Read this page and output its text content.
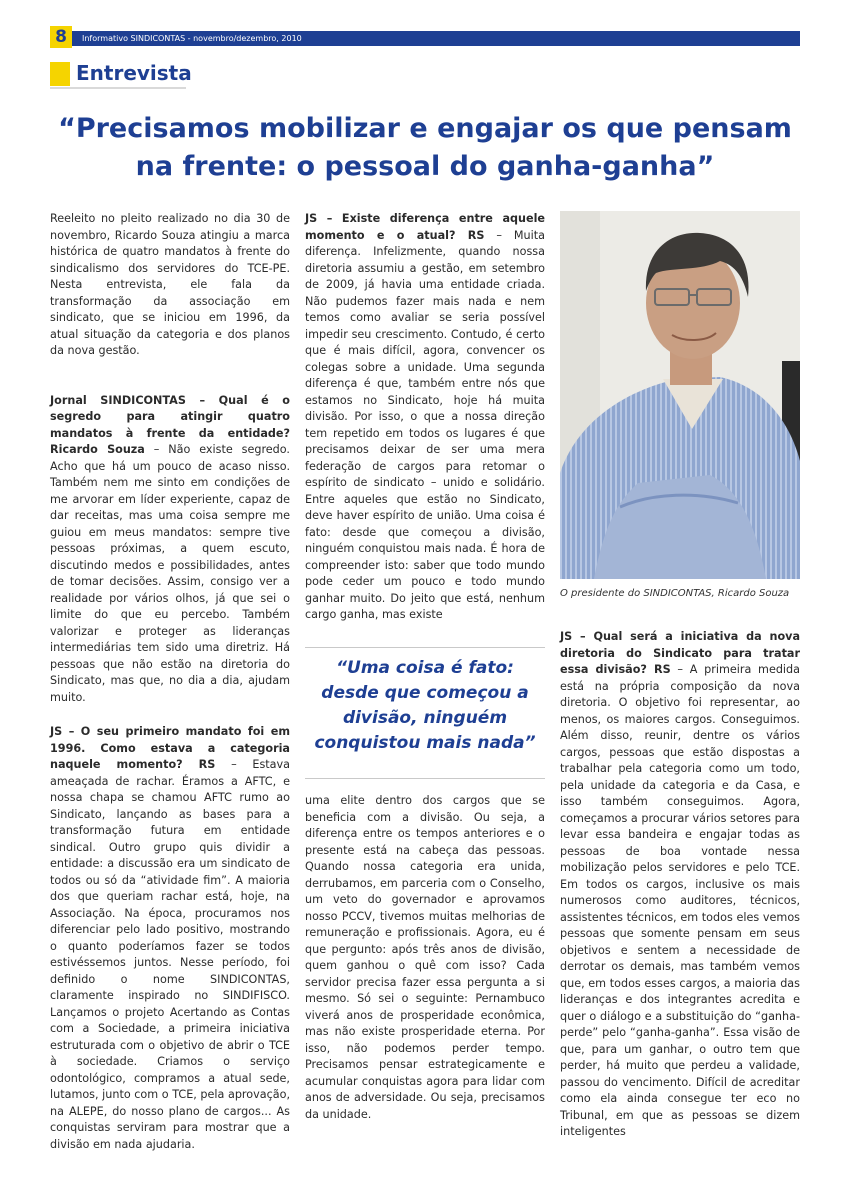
8	Informativo SINDICONTAS - novembro/dezembro, 2010
Entrevista
“Precisamos mobilizar e engajar os que pensam na frente: o pessoal do ganha-ganha”

Reeleito no pleito realizado no dia 30 de novembro, Ricardo Souza atingiu a marca histórica de quatro mandatos à frente do sindicalismo dos servidores do TCE-PE. Nesta entrevista, ele fala da transformação da associação em sindicato, que se iniciou em 1996, da atual situação da categoria e dos planos da nova gestão.

Jornal SINDICONTAS – Qual é o segredo para atingir quatro mandatos à frente da entidade? Ricardo Souza – Não existe segredo. Acho que há um pouco de acaso nisso. Também nem me sinto em condições de me arvorar em líder experiente, capaz de dar receitas, mas uma coisa sempre me guiou em meus mandatos: sempre tive pessoas próximas, a quem escuto, discutindo medos e possibilidades, antes de tomar decisões. Assim, consigo ver a realidade por vários olhos, já que sei o limite do que eu percebo. Também valorizar e proteger as lideranças intermediárias tem sido uma diretriz. Há pessoas que não estão na diretoria do Sindicato, mas que, no dia a dia, ajudam muito.

JS – O seu primeiro mandato foi em 1996. Como estava a categoria naquele momento? RS – Estava ameaçada de rachar. Éramos a AFTC, e nossa chapa se chamou AFTC rumo ao Sindicato, lançando as bases para a transformação futura em entidade sindical. Outro grupo quis dividir a entidade: a discussão era um sindicato de todos ou só da “atividade fim”. A maioria dos que queriam rachar está, hoje, na Associação. Na época, procuramos nos diferenciar pelo lado positivo, mostrando o quanto poderíamos fazer se todos estivéssemos juntos. Nesse período, foi definido o nome SINDICONTAS, claramente inspirado no SINDIFISCO. Lançamos o projeto Acertando as Contas com a Sociedade, a primeira iniciativa estruturada com o objetivo de abrir o TCE à sociedade. Criamos o serviço odontológico, compramos a atual sede, lutamos, junto com o TCE, pela aprovação, na ALEPE, do nosso plano de cargos... As conquistas serviram para mostrar que a divisão em nada ajudaria.

JS – Existe diferença entre aquele momento e o atual? RS – Muita diferença. Infelizmente, quando nossa diretoria assumiu a gestão, em setembro de 2009, já havia uma entidade criada. Não pudemos fazer mais nada e nem temos como avaliar se seria possível impedir seu crescimento. Contudo, é certo que é mais difícil, agora, convencer os colegas sobre a unidade. Uma segunda diferença é que, também entre nós que estamos no Sindicato, hoje há muita divisão. Por isso, o que a nossa direção tem repetido em todos os lugares é que precisamos deixar de ser uma mera federação de cargos para retomar o espírito de sindicato – unido e solidário. Entre aqueles que estão no Sindicato, deve haver espírito de união. Uma coisa é fato: desde que começou a divisão, ninguém conquistou mais nada. É hora de compreender isto: saber que todo mundo pode ceder um pouco e todo mundo ganhar muito. Do jeito que está, nenhum cargo ganha, mas existe

“Uma coisa é fato: desde que começou a divisão, ninguém conquistou mais nada”

uma elite dentro dos cargos que se beneficia com a divisão. Ou seja, a diferença entre os tempos anteriores e o presente está na cabeça das pessoas. Quando nossa categoria era unida, derrubamos, em parceria com o Conselho, um veto do governador e aprovamos nosso PCCV, tivemos muitas melhorias de remuneração e profissionais. Agora, eu é que pergunto: após três anos de divisão, quem ganhou o quê com isso? Cada servidor precisa fazer essa pergunta a si mesmo. Só sei o seguinte: Pernambuco viverá anos de prosperidade econômica, mas não existe prosperidade eterna. Por isso, não podemos perder tempo. Precisamos pensar estrategicamente e acumular conquistas agora para lidar com anos de adversidade. Ou seja, precisamos da unidade.

O presidente do SINDICONTAS, Ricardo Souza

JS – Qual será a iniciativa da nova diretoria do Sindicato para tratar essa divisão? RS – A primeira medida está na própria composição da nova diretoria. O objetivo foi representar, ao menos, os maiores cargos. Conseguimos. Além disso, reunir, dentre os vários cargos, pessoas que estão dispostas a trabalhar pela categoria como um todo, pela unidade da categoria e da Casa, e isso também conseguimos. Agora, começamos a procurar vários setores para levar essa bandeira e engajar todas as pessoas de boa vontade nessa mobilização pelos servidores e pelo TCE. Em todos os cargos, inclusive os mais numerosos como auditores, técnicos, assistentes técnicos, em todos eles vemos pessoas que somente pensam em seus objetivos e sentem a necessidade de derrotar os demais, mas também vemos que, em todos esses cargos, a maioria das lideranças e dos integrantes acredita e quer o diálogo e a substituição do “ganha-perde” pelo “ganha-ganha”. Essa visão de que, para um ganhar, o outro tem que perder, há muito que perdeu a validade, passou do vencimento. Difícil de acreditar como ela ainda consegue ter eco no Tribunal, em que as pessoas se dizem inteligentes
